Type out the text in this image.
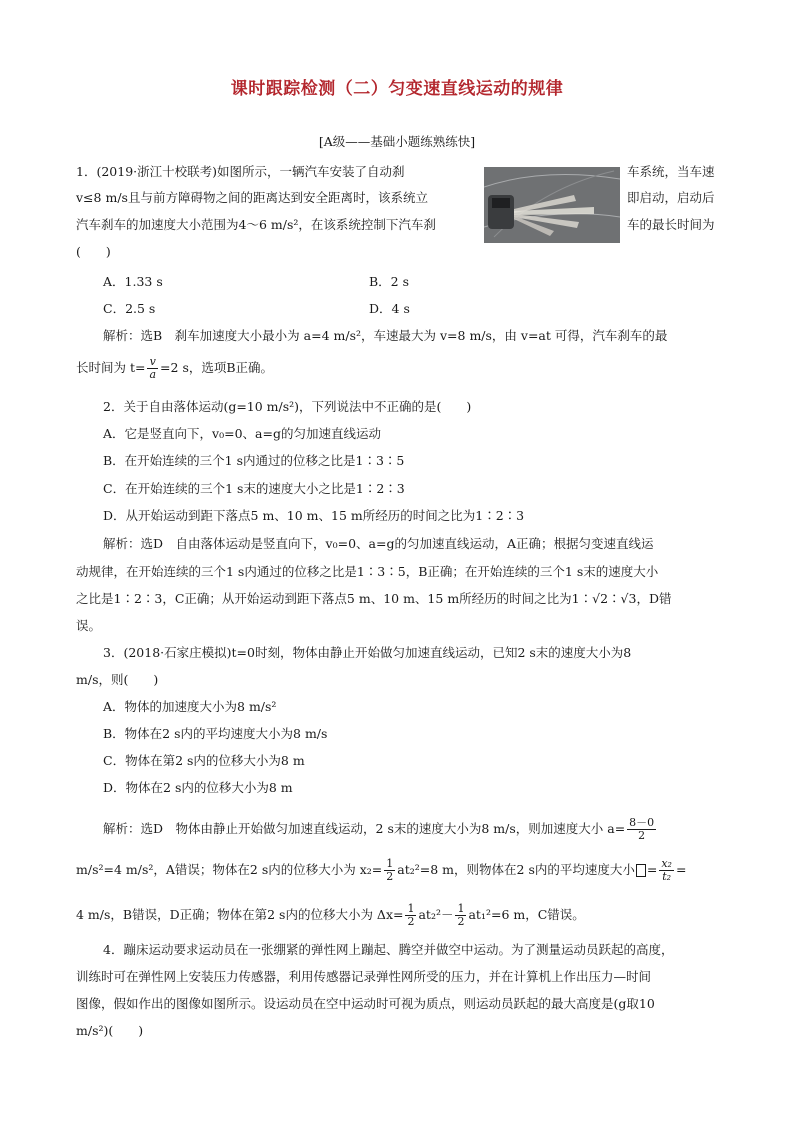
课时跟踪检测（二）匀变速直线运动的规律
[A级——基础小题练熟练快]
1．(2019·浙江十校联考)如图所示，一辆汽车安装了自动刹	车系统，当车速
v≤8 m/s且与前方障碍物之间的距离达到安全距离时，该系统立	即启动，启动后
汽车刹车的加速度大小范围为4～6 m/s²，在该系统控制下汽车刹	车的最长时间为
(　　)
A．1.33 s	B．2 s
C．2.5 s	D．4 s
解析：选B　刹车加速度大小最小为 a=4 m/s²，车速最大为 v=8 m/s，由 v=at 可得，汽车刹车的最
长时间为 $t= \frac{v}{a} =2$ s，选项B正确。
2．关于自由落体运动(g=10 m/s²)，下列说法中不正确的是(　　)
A．它是竖直向下，v₀=0、a=g的匀加速直线运动
B．在开始连续的三个1 s内通过的位移之比是1∶3∶5
C．在开始连续的三个1 s末的速度大小之比是1∶2∶3
D．从开始运动到距下落点5 m、10 m、15 m所经历的时间之比为1∶2∶3
解析：选D　自由落体运动是竖直向下，v₀=0、a=g的匀加速直线运动，A正确；根据匀变速直线运
动规律，在开始连续的三个1 s内通过的位移之比是1∶3∶5，B正确；在开始连续的三个1 s末的速度大小
之比是1∶2∶3，C正确；从开始运动到距下落点5 m、10 m、15 m所经历的时间之比为1∶√2∶√3，D错
误。
3．(2018·石家庄模拟)t=0时刻，物体由静止开始做匀加速直线运动，已知2 s末的速度大小为8
m/s，则(　　)
A．物体的加速度大小为8 m/s²
B．物体在2 s内的平均速度大小为8 m/s
C．物体在第2 s内的位移大小为8 m
D．物体在2 s内的位移大小为8 m
解析：选D　物体由静止开始做匀加速直线运动，2 s末的速度大小为8 m/s，则加速度大小 $a= \frac{8-0}{2}$
m/s²=4 m/s²，A错误；物体在2 s内的位移大小为 $x_2= \frac{1}{2} at_2^2=8$ m，则物体在2 s内的平均速度大小 = $\frac{\text{x₂}}{\text{t₂}}$ =
4 m/s，B错误，D正确；物体在第2 s内的位移大小为 $\Delta x= \frac{1}{2} at_2^2- \frac{1}{2} at_1^2=6$ m，C错误。
4．蹦床运动要求运动员在一张绷紧的弹性网上蹦起、腾空并做空中运动。为了测量运动员跃起的高度，
训练时可在弹性网上安装压力传感器，利用传感器记录弹性网所受的压力，并在计算机上作出压力—时间
图像，假如作出的图像如图所示。设运动员在空中运动时可视为质点，则运动员跃起的最大高度是(g取10
m/s²)(　　)
